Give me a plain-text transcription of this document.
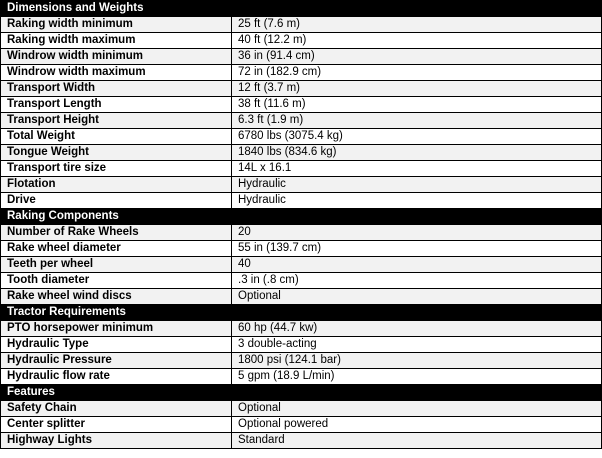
Dimensions and Weights	
Raking width minimum	25 ft (7.6 m)
Raking width maximum	40 ft (12.2 m)
Windrow width minimum	36 in (91.4 cm)
Windrow width maximum	72 in (182.9 cm)
Transport Width	12 ft (3.7 m)
Transport Length	38 ft (11.6 m)
Transport Height	6.3 ft (1.9 m)
Total Weight	6780 lbs (3075.4 kg)
Tongue Weight	1840 lbs (834.6 kg)
Transport tire size	14L x 16.1
Flotation	Hydraulic
Drive	Hydraulic
Raking Components	
Number of Rake Wheels	20
Rake wheel diameter	55 in (139.7 cm)
Teeth per wheel	40
Tooth diameter	.3 in (.8 cm)
Rake wheel wind discs	Optional
Tractor Requirements	
PTO horsepower minimum	60 hp (44.7 kw)
Hydraulic Type	3 double-acting
Hydraulic Pressure	1800 psi (124.1 bar)
Hydraulic flow rate	5 gpm (18.9 L/min)
Features	
Safety Chain	Optional
Center splitter	Optional powered
Highway Lights	Standard
